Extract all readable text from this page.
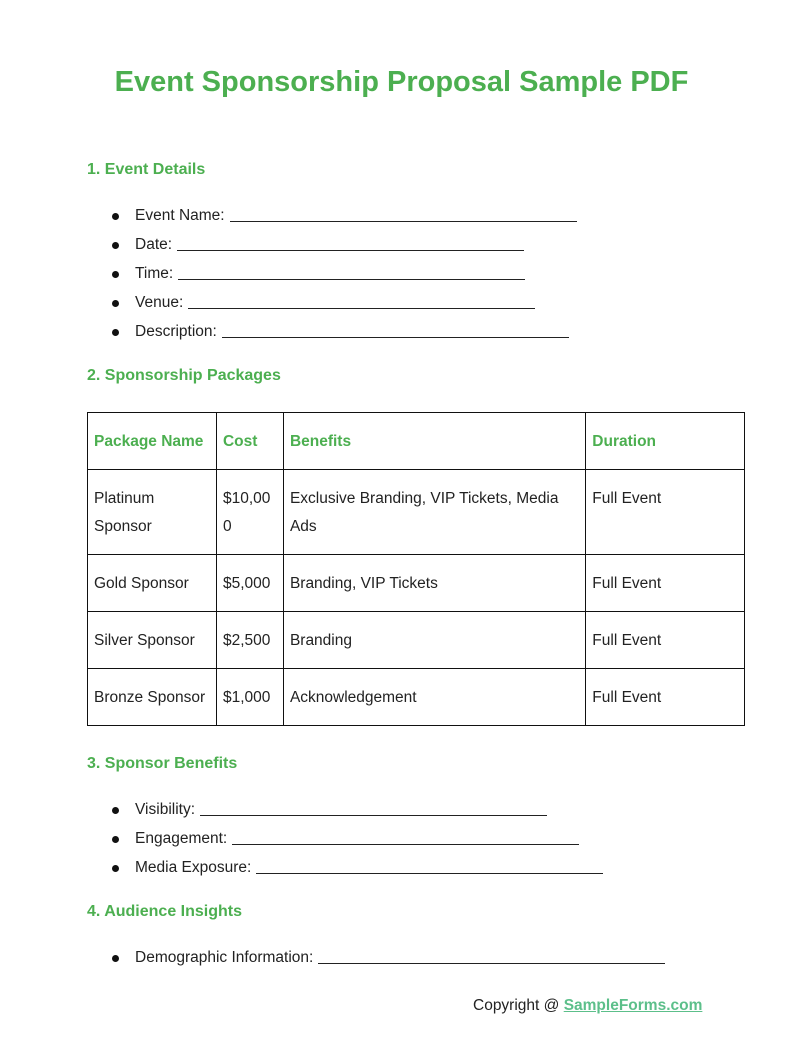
Event Sponsorship Proposal Sample PDF
1. Event Details
Event Name:
Date:
Time:
Venue:
Description:
2. Sponsorship Packages
Package Name	Cost	Benefits	Duration
Platinum Sponsor	$10,000	Exclusive Branding, VIP Tickets, Media Ads	Full Event
Gold Sponsor	$5,000	Branding, VIP Tickets	Full Event
Silver Sponsor	$2,500	Branding	Full Event
Bronze Sponsor	$1,000	Acknowledgement	Full Event
3. Sponsor Benefits
Visibility:
Engagement:
Media Exposure:
4. Audience Insights
Demographic Information:
Copyright @ SampleForms.com
